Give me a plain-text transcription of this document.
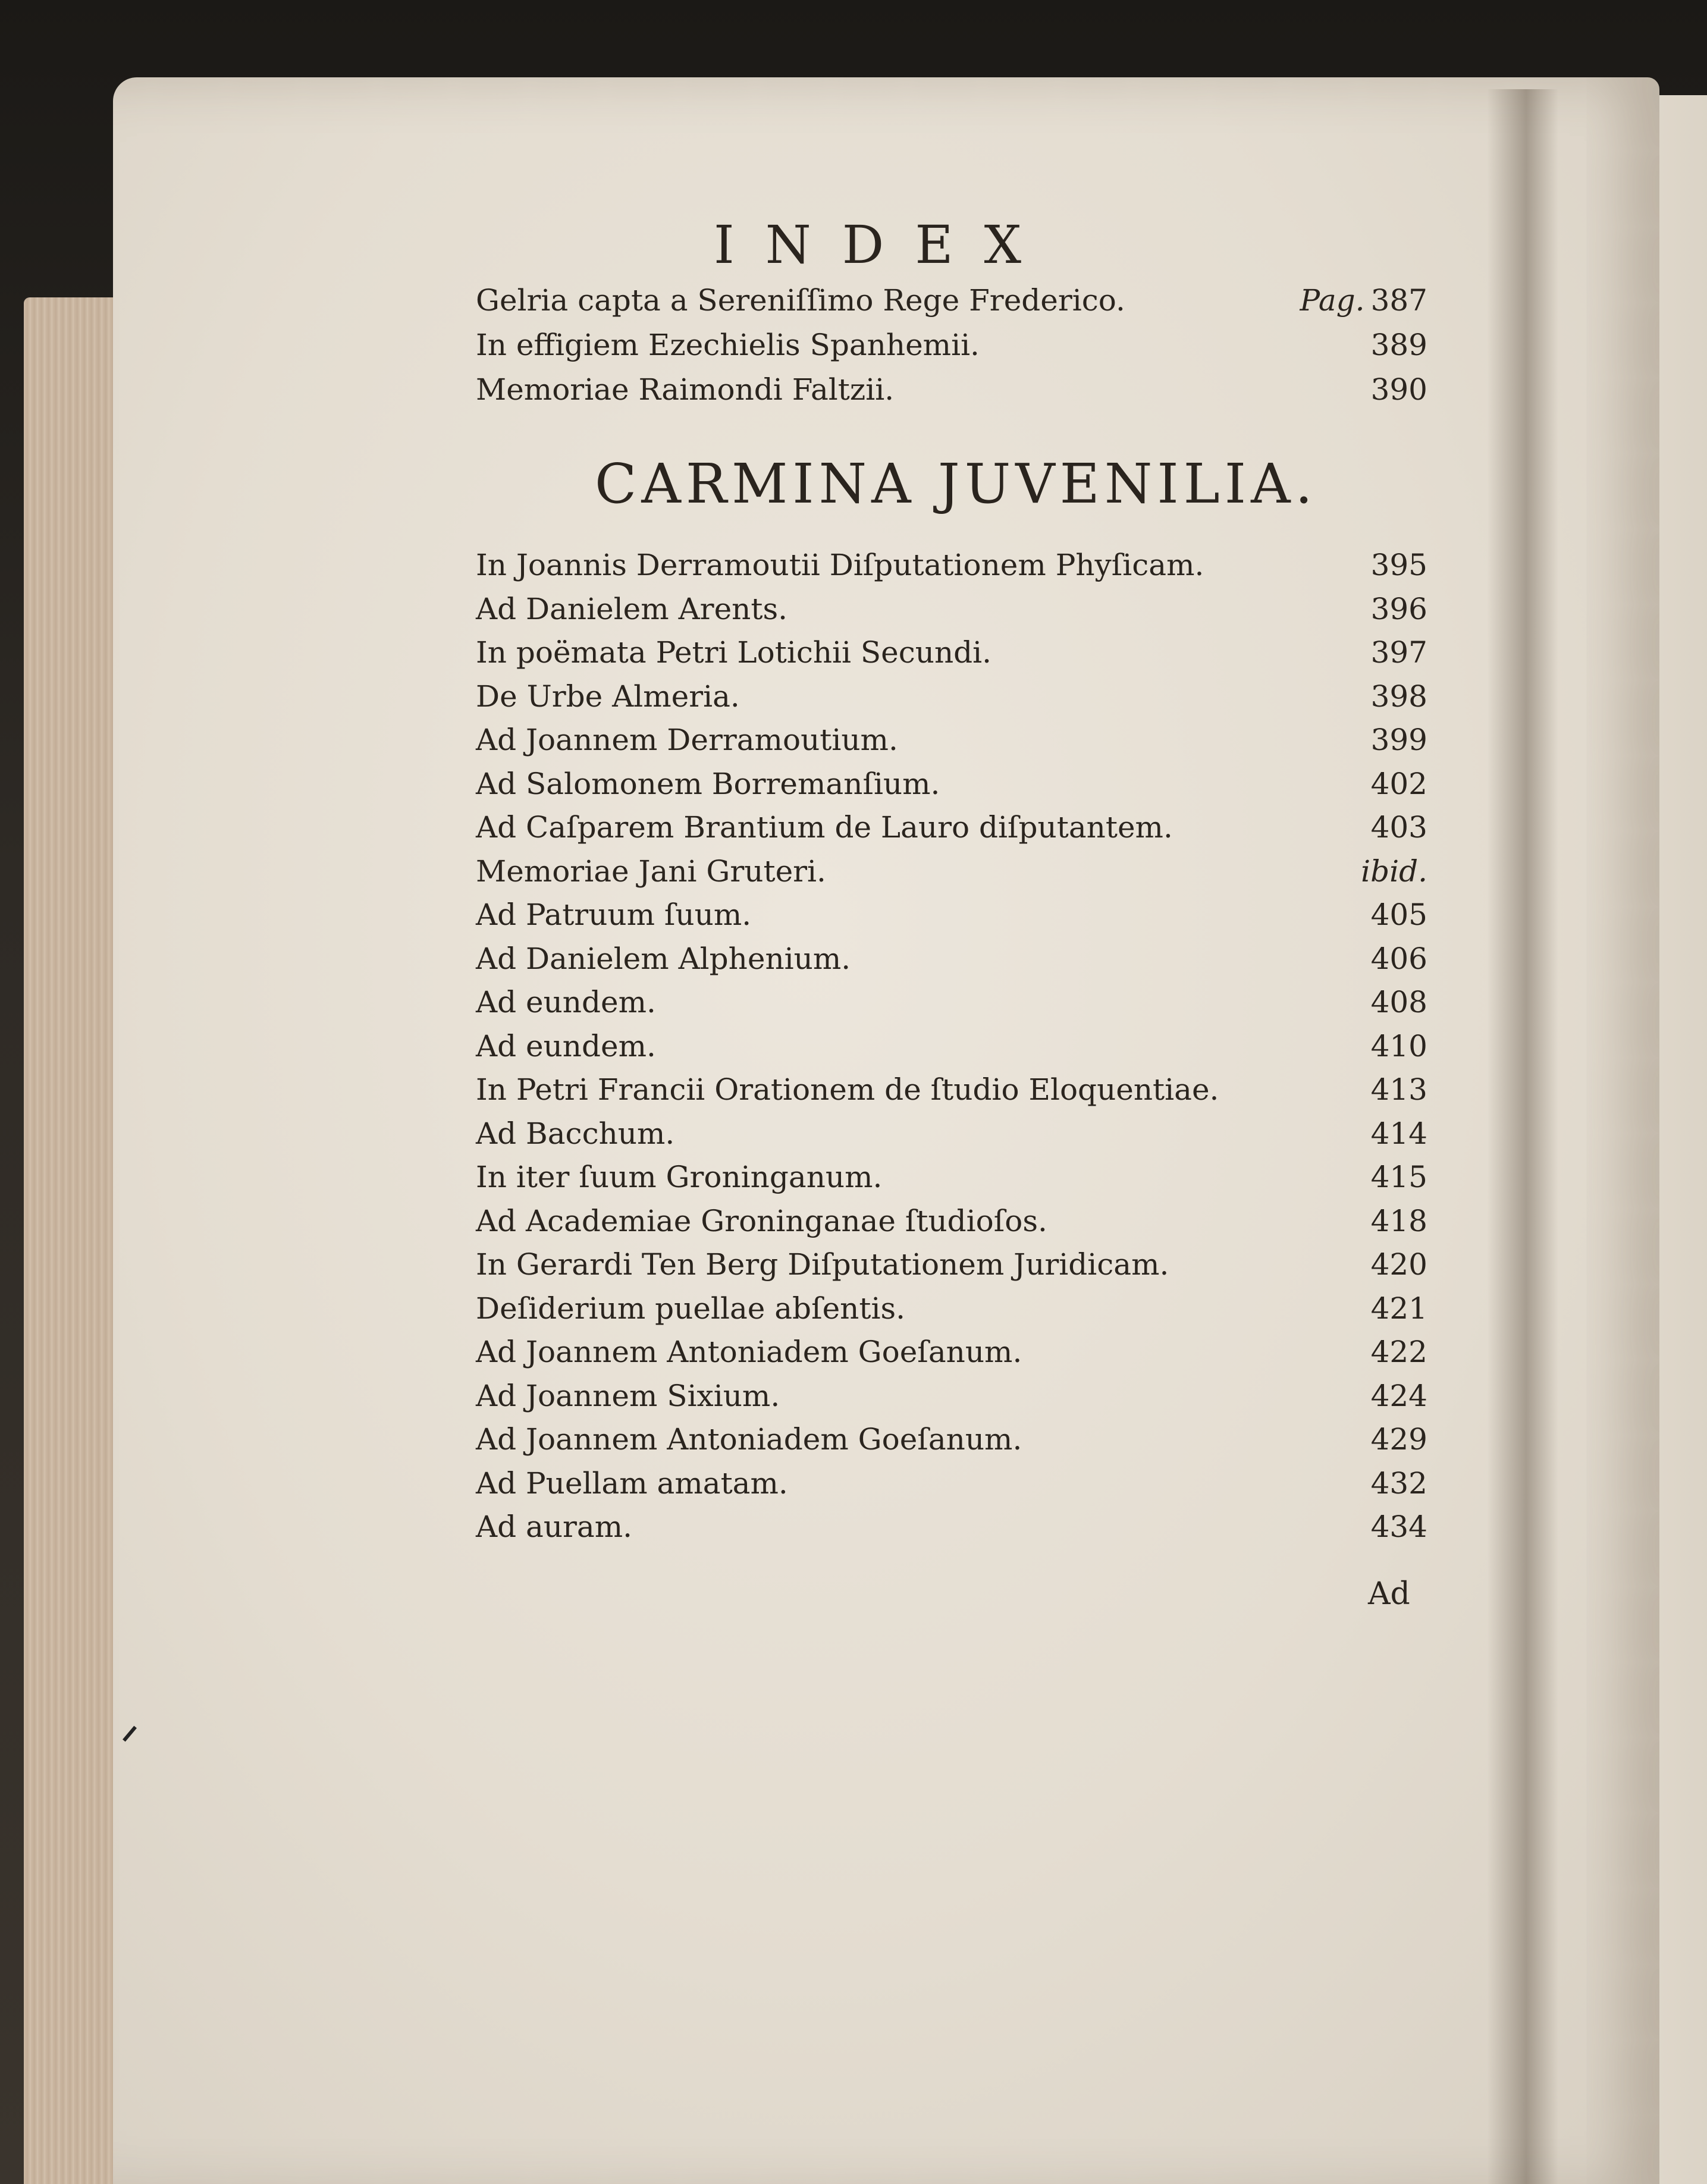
INDEX
Gelria capta a Sereniſſimo Rege Frederico.	Pag. 387
In effigiem Ezechielis Spanhemii.	389
Memoriae Raimondi Faltzii.	390
CARMINA JUVENILIA.
In Joannis Derramoutii Diſputationem Phyſicam.	395
Ad Danielem Arents.	396
In poëmata Petri Lotichii Secundi.	397
De Urbe Almeria.	398
Ad Joannem Derramoutium.	399
Ad Salomonem Borremanſium.	402
Ad Caſparem Brantium de Lauro diſputantem.	403
Memoriae Jani Gruteri.	ibid.
Ad Patruum ſuum.	405
Ad Danielem Alphenium.	406
Ad eundem.	408
Ad eundem.	410
In Petri Francii Orationem de ſtudio Eloquentiae.	413
Ad Bacchum.	414
In iter ſuum Groninganum.	415
Ad Academiae Groninganae ſtudioſos.	418
In Gerardi Ten Berg Diſputationem Juridicam.	420
Deſiderium puellae abſentis.	421
Ad Joannem Antoniadem Goeſanum.	422
Ad Joannem Sixium.	424
Ad Joannem Antoniadem Goeſanum.	429
Ad Puellam amatam.	432
Ad auram.	434
Ad
